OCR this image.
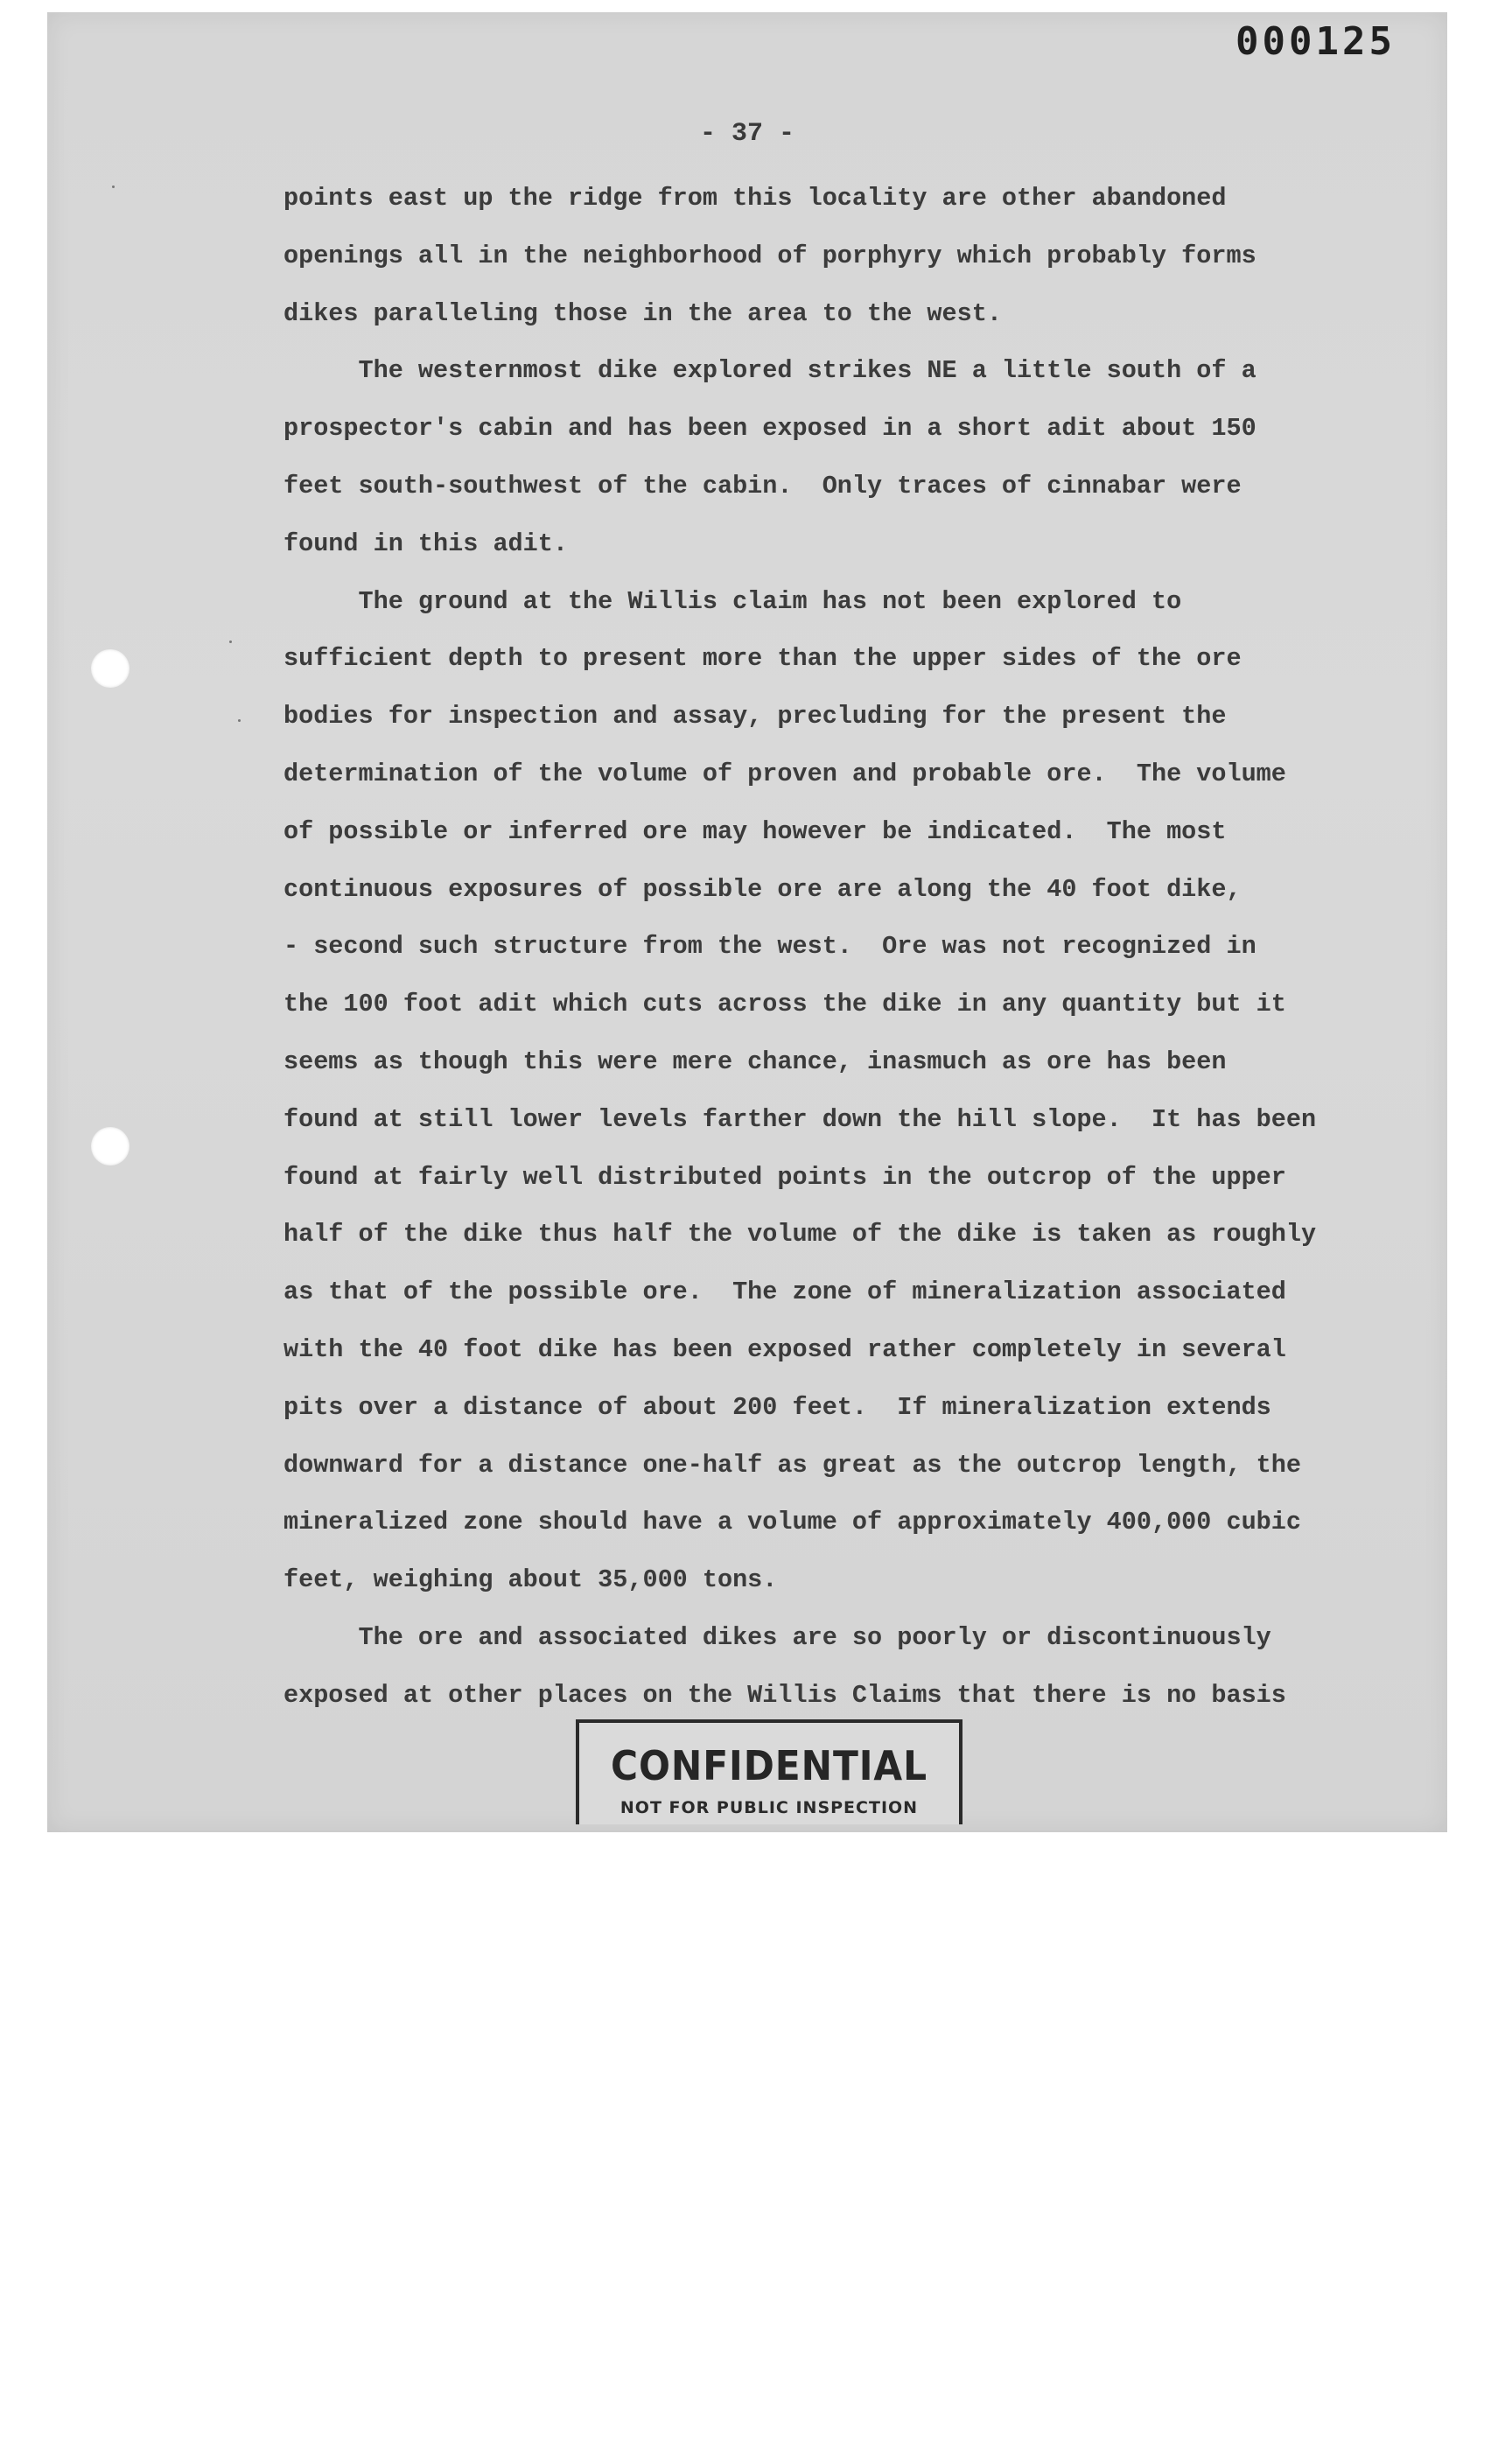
000125
- 37 -
points east up the ridge from this locality are other abandoned
openings all in the neighborhood of porphyry which probably forms
dikes paralleling those in the area to the west.
The westernmost dike explored strikes NE a little south of a
prospector's cabin and has been exposed in a short adit about 150
feet south-southwest of the cabin.  Only traces of cinnabar were
found in this adit.
The ground at the Willis claim has not been explored to
sufficient depth to present more than the upper sides of the ore
bodies for inspection and assay, precluding for the present the
determination of the volume of proven and probable ore.  The volume
of possible or inferred ore may however be indicated.  The most
continuous exposures of possible ore are along the 40 foot dike,
- second such structure from the west.  Ore was not recognized in
the 100 foot adit which cuts across the dike in any quantity but it
seems as though this were mere chance, inasmuch as ore has been
found at still lower levels farther down the hill slope.  It has been
found at fairly well distributed points in the outcrop of the upper
half of the dike thus half the volume of the dike is taken as roughly
as that of the possible ore.  The zone of mineralization associated
with the 40 foot dike has been exposed rather completely in several
pits over a distance of about 200 feet.  If mineralization extends
downward for a distance one-half as great as the outcrop length, the
mineralized zone should have a volume of approximately 400,000 cubic
feet, weighing about 35,000 tons.
The ore and associated dikes are so poorly or discontinuously
exposed at other places on the Willis Claims that there is no basis
CONFIDENTIAL
NOT FOR PUBLIC INSPECTION
